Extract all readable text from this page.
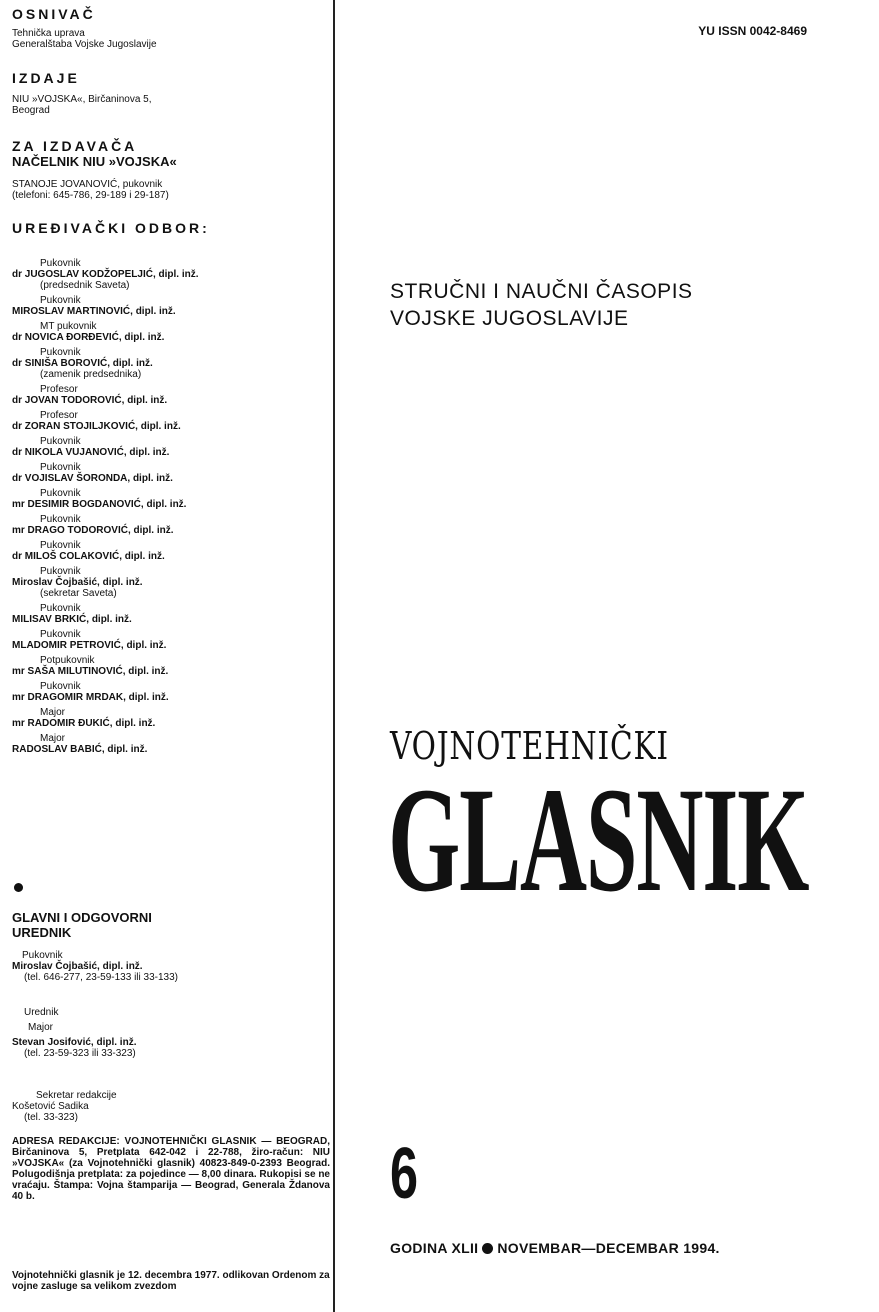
OSNIVAČ
Tehnička uprava
Generalštaba Vojske Jugoslavije
IZDAJE
NIU »VOJSKA«, Birčaninova 5,
Beograd
ZA IZDAVAČA
NAČELNIK NIU »VOJSKA«
STANOJE JOVANOVIĆ, pukovnik
(telefoni: 645-786, 29-189 i 29-187)
UREĐIVAČKI ODBOR:
Pukovnik
dr JUGOSLAV KODŽOPELJIĆ, dipl. inž.
(predsednik Saveta)
Pukovnik
MIROSLAV MARTINOVIĆ, dipl. inž.
MT pukovnik
dr NOVICA ĐORĐEVIĆ, dipl. inž.
Pukovnik
dr SINIŠA BOROVIĆ, dipl. inž.
(zamenik predsednika)
Profesor
dr JOVAN TODOROVIĆ, dipl. inž.
Profesor
dr ZORAN STOJILJKOVIĆ, dipl. inž.
Pukovnik
dr NIKOLA VUJANOVIĆ, dipl. inž.
Pukovnik
dr VOJISLAV ŠORONDA, dipl. inž.
Pukovnik
mr DESIMIR BOGDANOVIĆ, dipl. inž.
Pukovnik
mr DRAGO TODOROVIĆ, dipl. inž.
Pukovnik
dr MILOŠ COLAKOVIĆ, dipl. inž.
Pukovnik
Miroslav Čojbašić, dipl. inž.
(sekretar Saveta)
Pukovnik
MILISAV BRKIĆ, dipl. inž.
Pukovnik
MLADOMIR PETROVIĆ, dipl. inž.
Potpukovnik
mr SAŠA MILUTINOVIĆ, dipl. inž.
Pukovnik
mr DRAGOMIR MRDAK, dipl. inž.
Major
mr RADOMIR ĐUKIĆ, dipl. inž.
Major
RADOSLAV BABIĆ, dipl. inž.
GLAVNI I ODGOVORNI
UREDNIK
Pukovnik
Miroslav Čojbašić, dipl. inž.
(tel. 646-277, 23-59-133 ili 33-133)
Urednik
Major
Stevan Josifović, dipl. inž.
(tel. 23-59-323 ili 33-323)
Sekretar redakcije
Košetović Sadika
(tel. 33-323)
ADRESA REDAKCIJE: VOJNOTEHNIČKI GLASNIK — BEOGRAD, Birčaninova 5, Pretplata 642-042 i 22-788, žiro-račun: NIU »VOJSKA« (za Vojnotehnički glasnik) 40823-849-0-2393 Beograd. Polugodišnja pretplata: za pojedince — 8,00 dinara. Rukopisi se ne vraćaju. Štampa: Vojna štamparija — Beograd, Generala Ždanova 40 b.
Vojnotehnički glasnik je 12. decembra 1977. odlikovan Ordenom za vojne zasluge sa velikom zvezdom
YU ISSN 0042-8469
STRUČNI I NAUČNI ČASOPIS
VOJSKE JUGOSLAVIJE
VOJNOTEHNIČKI
GLASNIK
6
GODINA XLII NOVEMBAR—DECEMBAR 1994.
